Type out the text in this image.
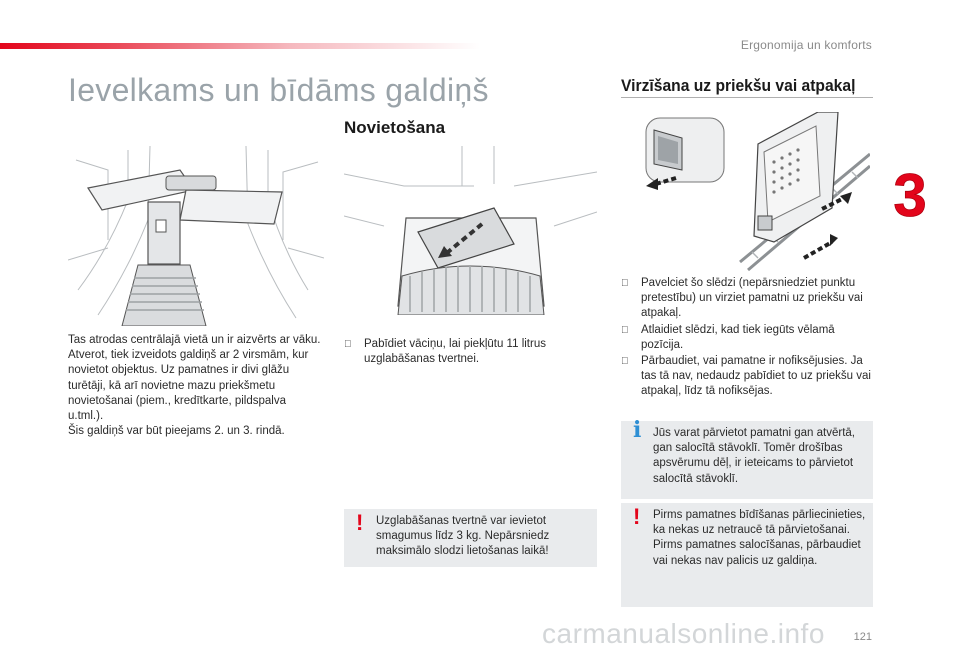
Ergonomija un komforts
3
Ievelkams un bīdāms galdiņš
Tas atrodas centrālajā vietā un ir aizvērts ar vāku. Atverot, tiek izveidots galdiņš ar 2 virsmām, kur novietot objektus. Uz pamatnes ir divi glāžu turētāji, kā arī novietne mazu priekšmetu novietošanai (piem., kredītkarte, pildspalva u.tml.).
Šis galdiņš var būt pieejams 2. un 3. rindā.
Novietošana
Pabīdiet vāciņu, lai piekļūtu 11 litrus uzglabāšanas tvertnei.
! Uzglabāšanas tvertnē var ievietot smagumus līdz 3 kg. Nepārsniedz maksimālo slodzi lietošanas laikā!
Virzīšana uz priekšu vai atpakaļ
Pavelciet šo slēdzi (nepārsniedziet punktu pretestību) un virziet pamatni uz priekšu vai atpakaļ.
Atlaidiet slēdzi, kad tiek iegūts vēlamā pozīcija.
Pārbaudiet, vai pamatne ir nofiksējusies. Ja tas tā nav, nedaudz pabīdiet to uz priekšu vai atpakaļ, līdz tā nofiksējas.
i Jūs varat pārvietot pamatni gan atvērtā, gan salocītā stāvoklī. Tomēr drošības apsvērumu dēļ, ir ieteicams to pārvietot salocītā stāvoklī.
! Pirms pamatnes bīdīšanas pārliecinieties, ka nekas uz netraucē tā pārvietošanai.
Pirms pamatnes salocīšanas, pārbaudiet vai nekas nav palicis uz galdiņa.
121
carmanualsonline.info
